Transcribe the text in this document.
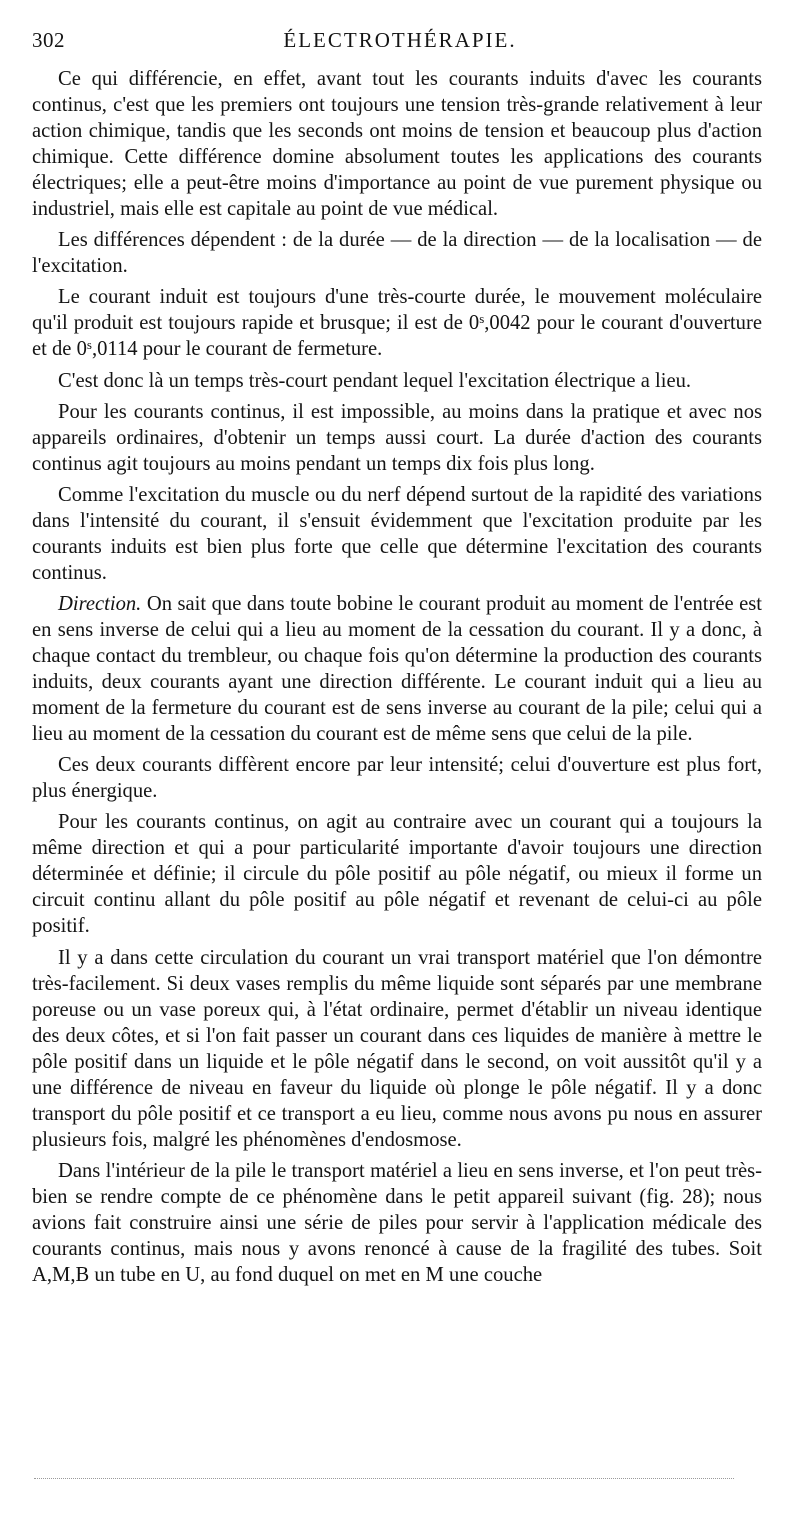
302	ÉLECTROTHÉRAPIE.

Ce qui différencie, en effet, avant tout les courants induits d'avec les courants continus, c'est que les premiers ont toujours une tension très-grande relativement à leur action chimique, tandis que les seconds ont moins de tension et beaucoup plus d'action chimique. Cette différence domine absolument toutes les applications des courants électriques; elle a peut-être moins d'importance au point de vue purement physique ou industriel, mais elle est capitale au point de vue médical.

Les différences dépendent : de la durée — de la direction — de la localisation — de l'excitation.

Le courant induit est toujours d'une très-courte durée, le mouvement moléculaire qu'il produit est toujours rapide et brusque; il est de 0$^s$,0042 pour le courant d'ouverture et de 0$^s$,0114 pour le courant de fermeture.

C'est donc là un temps très-court pendant lequel l'excitation électrique a lieu.

Pour les courants continus, il est impossible, au moins dans la pratique et avec nos appareils ordinaires, d'obtenir un temps aussi court. La durée d'action des courants continus agit toujours au moins pendant un temps dix fois plus long.

Comme l'excitation du muscle ou du nerf dépend surtout de la rapidité des variations dans l'intensité du courant, il s'ensuit évidemment que l'excitation produite par les courants induits est bien plus forte que celle que détermine l'excitation des courants continus.

Direction. On sait que dans toute bobine le courant produit au moment de l'entrée est en sens inverse de celui qui a lieu au moment de la cessation du courant. Il y a donc, à chaque contact du trembleur, ou chaque fois qu'on détermine la production des courants induits, deux courants ayant une direction différente. Le courant induit qui a lieu au moment de la fermeture du courant est de sens inverse au courant de la pile; celui qui a lieu au moment de la cessation du courant est de même sens que celui de la pile.

Ces deux courants diffèrent encore par leur intensité; celui d'ouverture est plus fort, plus énergique.

Pour les courants continus, on agit au contraire avec un courant qui a toujours la même direction et qui a pour particularité importante d'avoir toujours une direction déterminée et définie; il circule du pôle positif au pôle négatif, ou mieux il forme un circuit continu allant du pôle positif au pôle négatif et revenant de celui-ci au pôle positif.

Il y a dans cette circulation du courant un vrai transport matériel que l'on démontre très-facilement. Si deux vases remplis du même liquide sont séparés par une membrane poreuse ou un vase poreux qui, à l'état ordinaire, permet d'établir un niveau identique des deux côtes, et si l'on fait passer un courant dans ces liquides de manière à mettre le pôle positif dans un liquide et le pôle négatif dans le second, on voit aussitôt qu'il y a une différence de niveau en faveur du liquide où plonge le pôle négatif. Il y a donc transport du pôle positif et ce transport a eu lieu, comme nous avons pu nous en assurer plusieurs fois, malgré les phénomènes d'endosmose.

Dans l'intérieur de la pile le transport matériel a lieu en sens inverse, et l'on peut très-bien se rendre compte de ce phénomène dans le petit appareil suivant (fig. 28); nous avions fait construire ainsi une série de piles pour servir à l'application médicale des courants continus, mais nous y avons renoncé à cause de la fragilité des tubes. Soit A,M,B un tube en U, au fond duquel on met en M une couche
